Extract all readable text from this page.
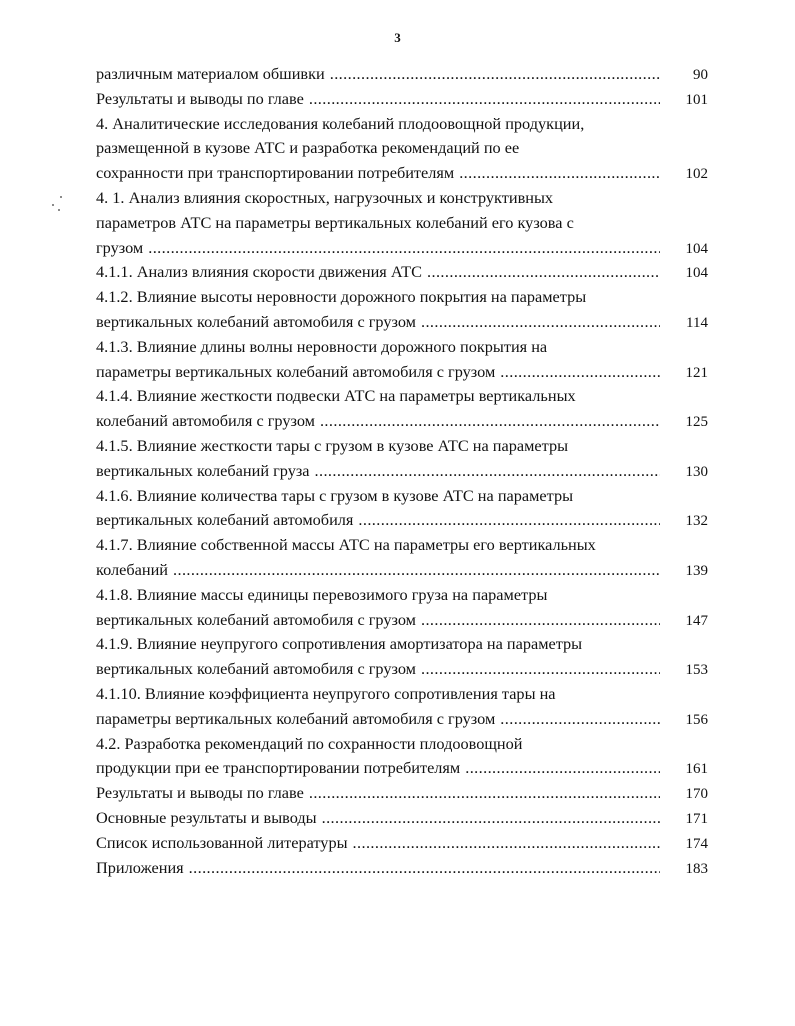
3
различным материалом обшивки .....	90
Результаты и выводы по главе .....	101
4. Аналитические исследования колебаний плодоовощной продукции,
размещенной в кузове АТС и разработка рекомендаций по ее
сохранности при транспортировании потребителям .....	102
4. 1. Анализ влияния скоростных, нагрузочных и конструктивных
параметров АТС на параметры вертикальных колебаний его кузова с
грузом .....	104
4.1.1. Анализ влияния скорости движения АТС .....	104
4.1.2. Влияние высоты неровности дорожного покрытия на параметры
вертикальных колебаний автомобиля с грузом .....	114
4.1.3. Влияние длины волны неровности дорожного покрытия на
параметры вертикальных колебаний автомобиля с грузом .....	121
4.1.4. Влияние жесткости подвески АТС на параметры вертикальных
колебаний автомобиля с грузом .....	125
4.1.5. Влияние жесткости тары с грузом в кузове АТС на параметры
вертикальных колебаний груза .....	130
4.1.6. Влияние количества тары с грузом в кузове АТС на параметры
вертикальных колебаний автомобиля .....	132
4.1.7. Влияние собственной массы АТС на параметры его вертикальных
колебаний .....	139
4.1.8. Влияние массы единицы перевозимого груза на параметры
вертикальных колебаний автомобиля с грузом .....	147
4.1.9. Влияние неупругого сопротивления амортизатора на параметры
вертикальных колебаний автомобиля с грузом .....	153
4.1.10. Влияние коэффициента неупругого сопротивления тары на
параметры вертикальных колебаний автомобиля с грузом .....	156
4.2. Разработка рекомендаций по сохранности плодоовощной
продукции при ее транспортировании потребителям .....	161
Результаты и выводы по главе .....	170
Основные результаты и выводы .....	171
Список использованной литературы .....	174
Приложения .....	183
